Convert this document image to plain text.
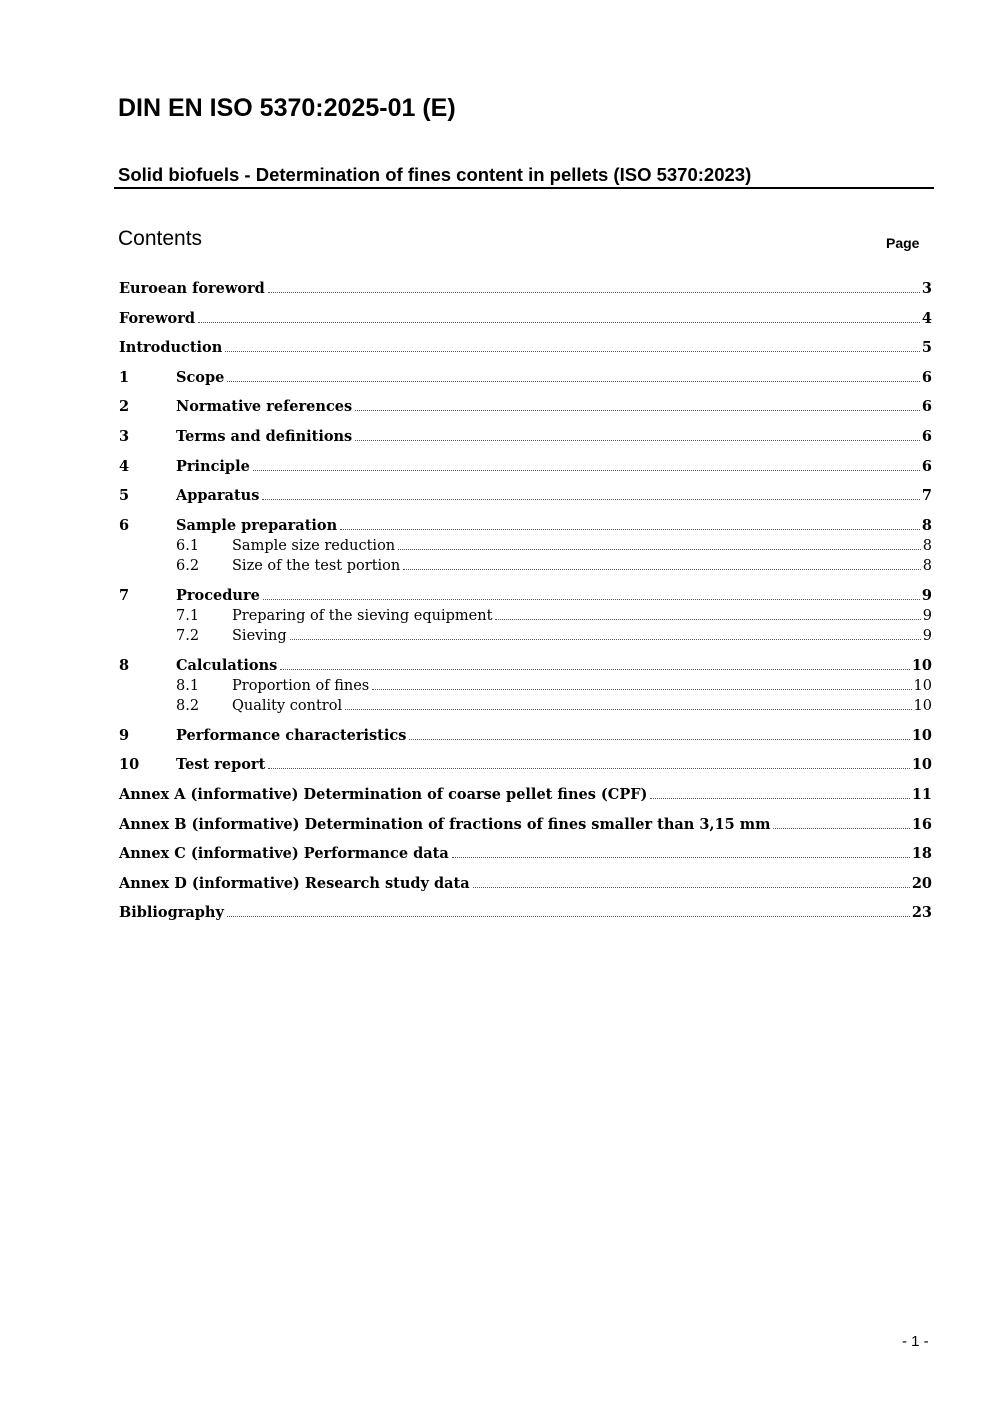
DIN EN ISO 5370:2025-01 (E)
Solid biofuels - Determination of fines content in pellets (ISO 5370:2023)
Contents	Page
Euroean foreword	3
Foreword	4
Introduction	5
1	Scope	6
2	Normative references	6
3	Terms and definitions	6
4	Principle	6
5	Apparatus	7
6	Sample preparation	8
6.1	Sample size reduction	8
6.2	Size of the test portion	8
7	Procedure	9
7.1	Preparing of the sieving equipment	9
7.2	Sieving	9
8	Calculations	10
8.1	Proportion of fines	10
8.2	Quality control	10
9	Performance characteristics	10
10	Test report	10
Annex A (informative) Determination of coarse pellet fines (CPF)	11
Annex B (informative) Determination of fractions of fines smaller than 3,15 mm	16
Annex C (informative) Performance data	18
Annex D (informative) Research study data	20
Bibliography	23
- 1 -
